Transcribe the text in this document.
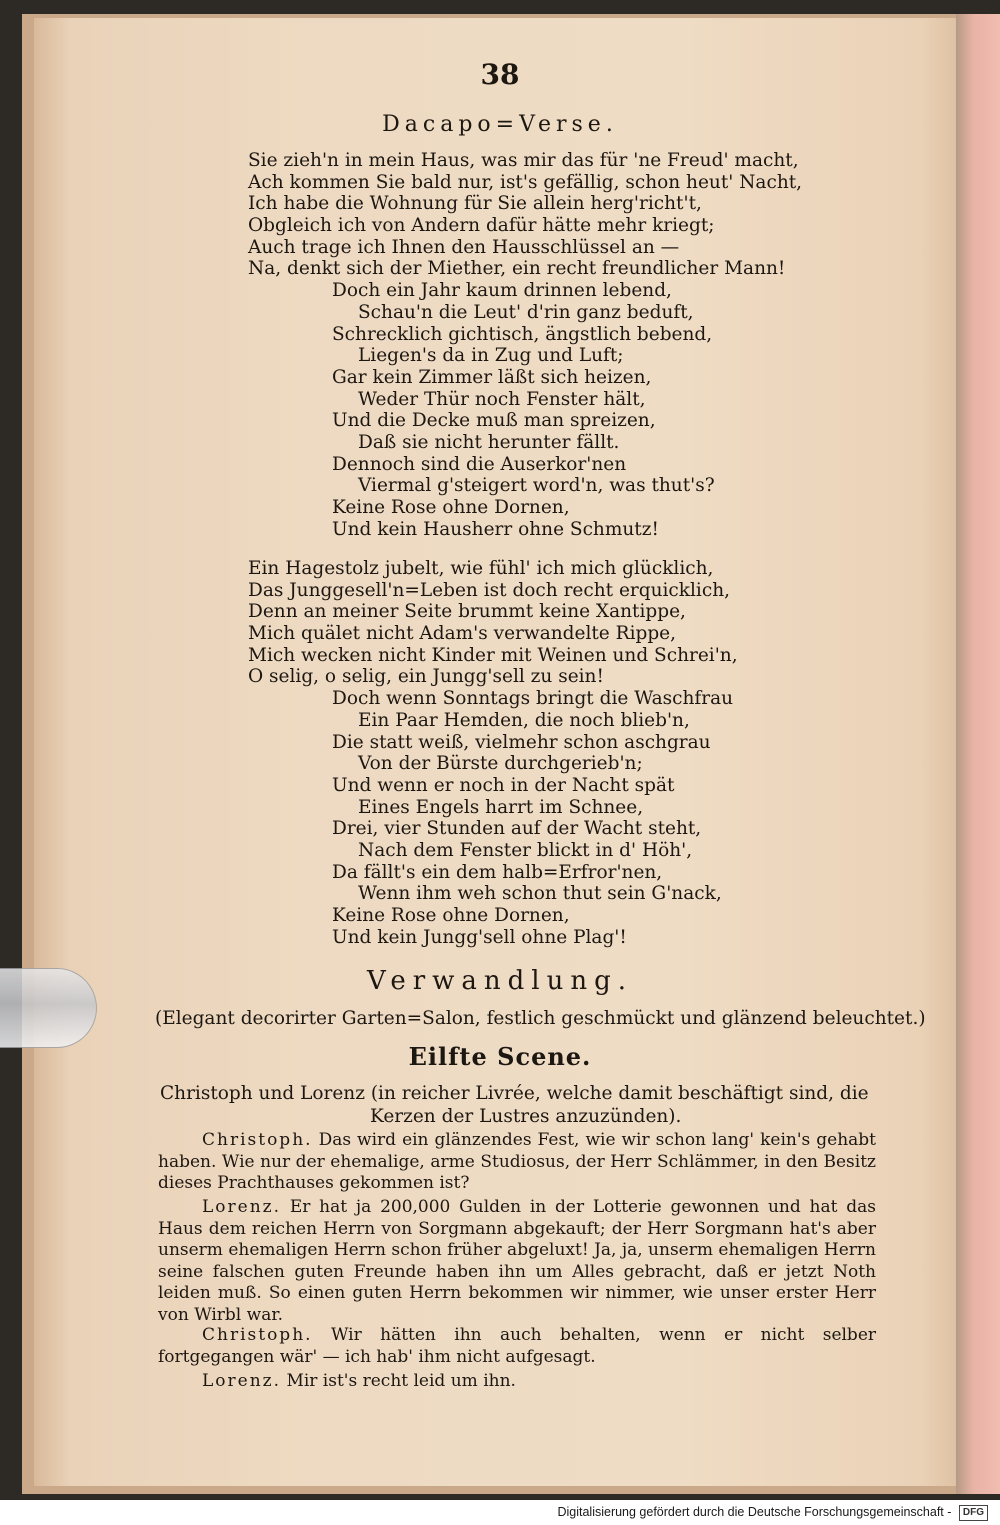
38
Dacapo=Verse.
Sie zieh'n in mein Haus, was mir das für 'ne Freud' macht,
Ach kommen Sie bald nur, ist's gefällig, schon heut' Nacht,
Ich habe die Wohnung für Sie allein herg'richt't,
Obgleich ich von Andern dafür hätte mehr kriegt;
Auch trage ich Ihnen den Hausschlüssel an —
Na, denkt sich der Miether, ein recht freundlicher Mann!
Doch ein Jahr kaum drinnen lebend,
Schau'n die Leut' d'rin ganz beduft,
Schrecklich gichtisch, ängstlich bebend,
Liegen's da in Zug und Luft;
Gar kein Zimmer läßt sich heizen,
Weder Thür noch Fenster hält,
Und die Decke muß man spreizen,
Daß sie nicht herunter fällt.
Dennoch sind die Auserkor'nen
Viermal g'steigert word'n, was thut's?
Keine Rose ohne Dornen,
Und kein Hausherr ohne Schmutz!
Ein Hagestolz jubelt, wie fühl' ich mich glücklich,
Das Junggesell'n=Leben ist doch recht erquicklich,
Denn an meiner Seite brummt keine Xantippe,
Mich quälet nicht Adam's verwandelte Rippe,
Mich wecken nicht Kinder mit Weinen und Schrei'n,
O selig, o selig, ein Jungg'sell zu sein!
Doch wenn Sonntags bringt die Waschfrau
Ein Paar Hemden, die noch blieb'n,
Die statt weiß, vielmehr schon aschgrau
Von der Bürste durchgerieb'n;
Und wenn er noch in der Nacht spät
Eines Engels harrt im Schnee,
Drei, vier Stunden auf der Wacht steht,
Nach dem Fenster blickt in d' Höh',
Da fällt's ein dem halb=Erfror'nen,
Wenn ihm weh schon thut sein G'nack,
Keine Rose ohne Dornen,
Und kein Jungg'sell ohne Plag'!
Verwandlung.
(Elegant decorirter Garten=Salon, festlich geschmückt und glänzend beleuchtet.)
Eilfte Scene.
Christoph und Lorenz (in reicher Livrée, welche damit beschäftigt sind, die
Kerzen der Lustres anzuzünden).

Christoph. Das wird ein glänzendes Fest, wie wir schon lang' kein's gehabt haben. Wie nur der ehemalige, arme Studiosus, der Herr Schlämmer, in den Besitz dieses Prachthauses gekommen ist?

Lorenz. Er hat ja 200,000 Gulden in der Lotterie gewonnen und hat das Haus dem reichen Herrn von Sorgmann abgekauft; der Herr Sorgmann hat's aber unserm ehemaligen Herrn schon früher abgeluxt! Ja, ja, unserm ehemaligen Herrn seine falschen guten Freunde haben ihn um Alles gebracht, daß er jetzt Noth leiden muß. So einen guten Herrn bekommen wir nimmer, wie unser erster Herr von Wirbl war.

Christoph. Wir hätten ihn auch behalten, wenn er nicht selber fortgegangen wär' — ich hab' ihm nicht aufgesagt.

Lorenz. Mir ist's recht leid um ihn.

Digitalisierung gefördert durch die Deutsche Forschungsgemeinschaft - DFG
